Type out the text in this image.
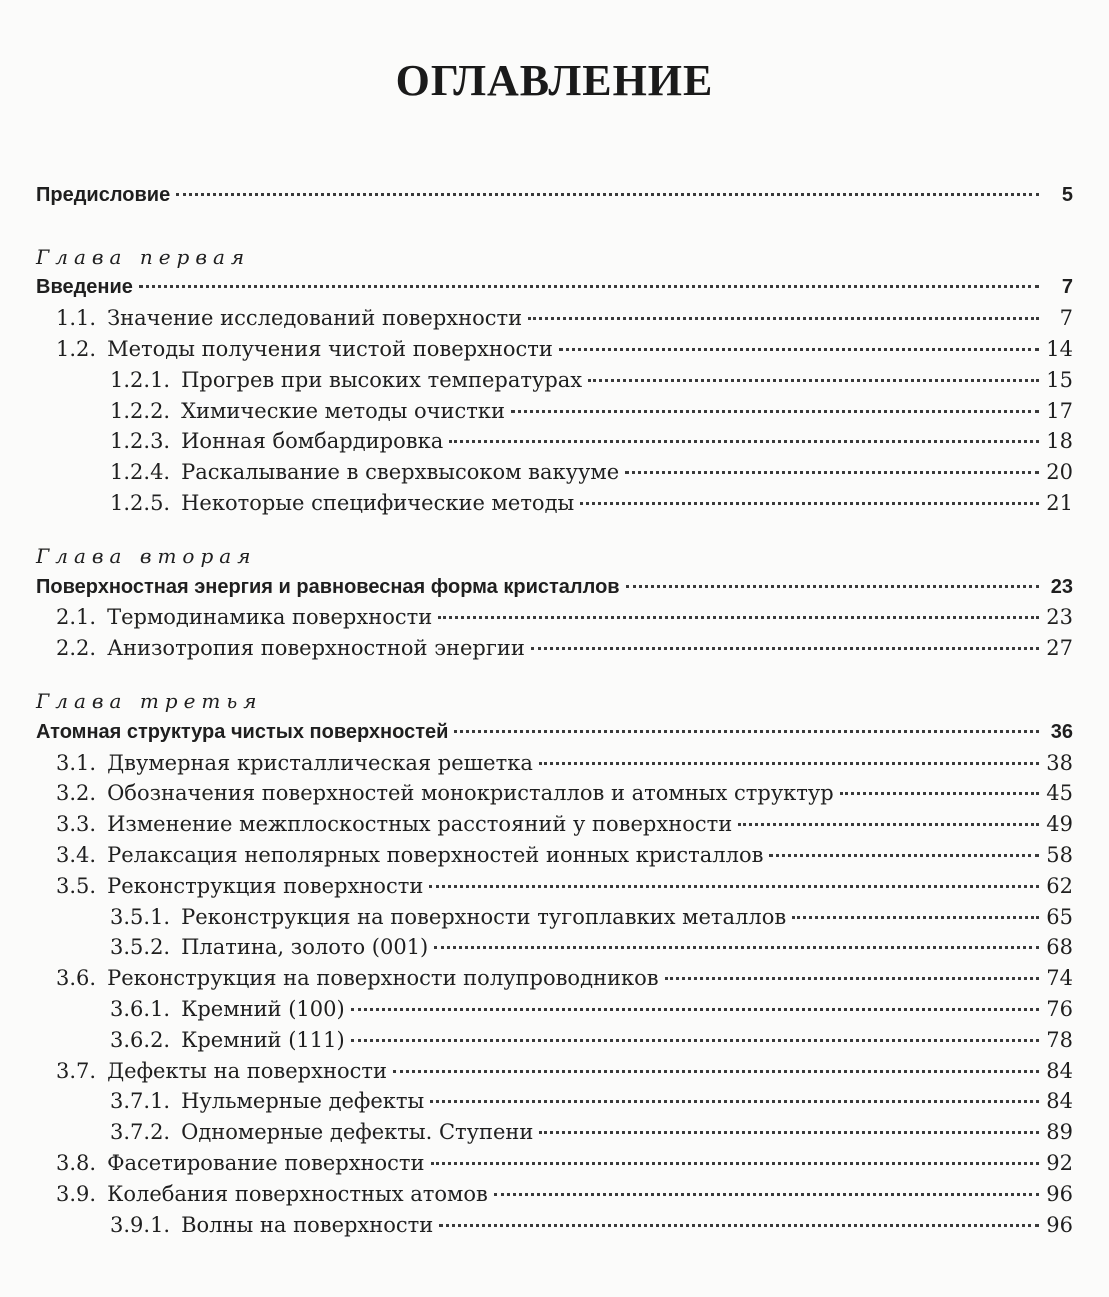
ОГЛАВЛЕНИЕ
Предисловие	5
Глава первая
Введение	7
1.1. Значение исследований поверхности	7
1.2. Методы получения чистой поверхности	14
1.2.1. Прогрев при высоких температурах	15
1.2.2. Химические методы очистки	17
1.2.3. Ионная бомбардировка	18
1.2.4. Раскалывание в сверхвысоком вакууме	20
1.2.5. Некоторые специфические методы	21
Глава вторая
Поверхностная энергия и равновесная форма кристаллов	23
2.1. Термодинамика поверхности	23
2.2. Анизотропия поверхностной энергии	27
Глава третья
Атомная структура чистых поверхностей	36
3.1. Двумерная кристаллическая решетка	38
3.2. Обозначения поверхностей монокристаллов и атомных структур	45
3.3. Изменение межплоскостных расстояний у поверхности	49
3.4. Релаксация неполярных поверхностей ионных кристаллов	58
3.5. Реконструкция поверхности	62
3.5.1. Реконструкция на поверхности тугоплавких металлов	65
3.5.2. Платина, золото (001)	68
3.6. Реконструкция на поверхности полупроводников	74
3.6.1. Кремний (100)	76
3.6.2. Кремний (111)	78
3.7. Дефекты на поверхности	84
3.7.1. Нульмерные дефекты	84
3.7.2. Одномерные дефекты. Ступени	89
3.8. Фасетирование поверхности	92
3.9. Колебания поверхностных атомов	96
3.9.1. Волны на поверхности	96
